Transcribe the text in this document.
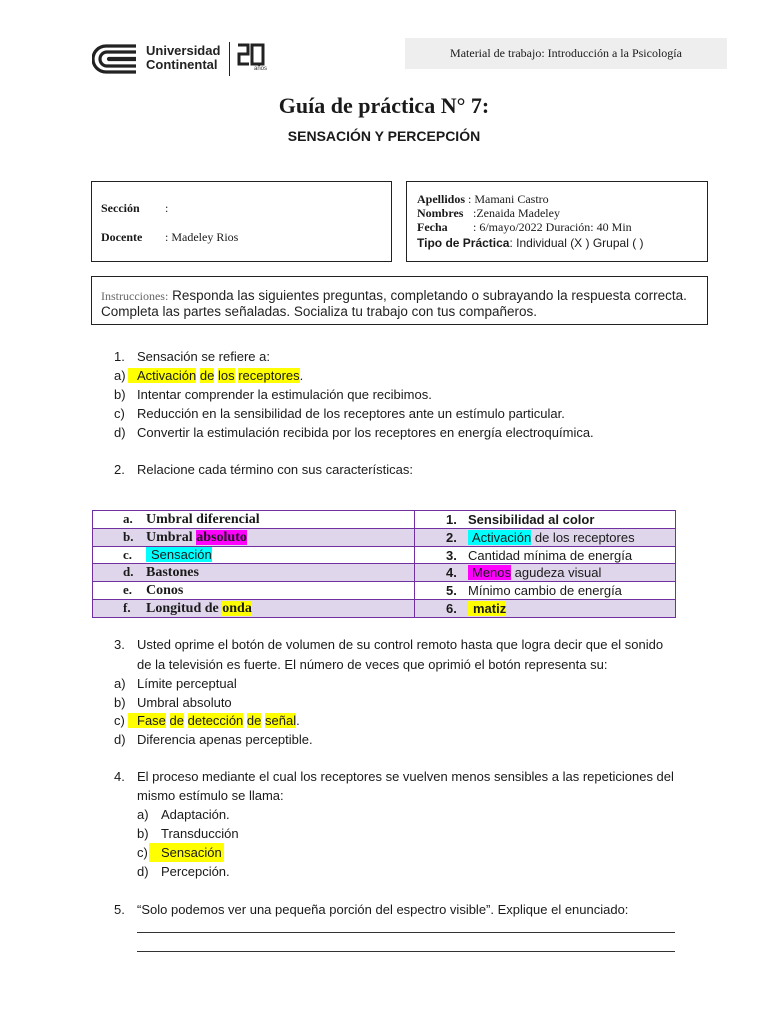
Universidad
Continental	años
Material de trabajo: Introducción a la Psicología
Guía de práctica N° 7:
SENSACIÓN Y PERCEPCIÓN
Sección :
Docente : Madeley Rios
Apellidos : Mamani Castro
Nombres :Zenaida Madeley
Fecha : 6/mayo/2022 Duración: 40 Min
Tipo de Práctica: Individual (X ) Grupal ( )
Instrucciones: Responda las siguientes preguntas, completando o subrayando la respuesta correcta. Completa las partes señaladas. Socializa tu trabajo con tus compañeros.
1. Sensación se refiere a:
a) Activación de los receptores.
b) Intentar comprender la estimulación que recibimos.
c) Reducción en la sensibilidad de los receptores ante un estímulo particular.
d) Convertir la estimulación recibida por los receptores en energía electroquímica.
2. Relacione cada término con sus características:
a. Umbral diferencial	1. Sensibilidad al color
b. Umbral absoluto	2. Activación de los receptores
c. Sensación	3. Cantidad mínima de energía
d. Bastones	4. Menos agudeza visual
e. Conos	5. Mínimo cambio de energía
f. Longitud de onda	6. matiz
3. Usted oprime el botón de volumen de su control remoto hasta que logra decir que el sonido
de la televisión es fuerte. El número de veces que oprimió el botón representa su:
a) Límite perceptual
b) Umbral absoluto
c) Fase de detección de señal.
d) Diferencia apenas perceptible.
4. El proceso mediante el cual los receptores se vuelven menos sensibles a las repeticiones del
mismo estímulo se llama:
a) Adaptación.
b) Transducción
c)	Sensación
d) Percepción.
5. “Solo podemos ver una pequeña porción del espectro visible”. Explique el enunciado:
